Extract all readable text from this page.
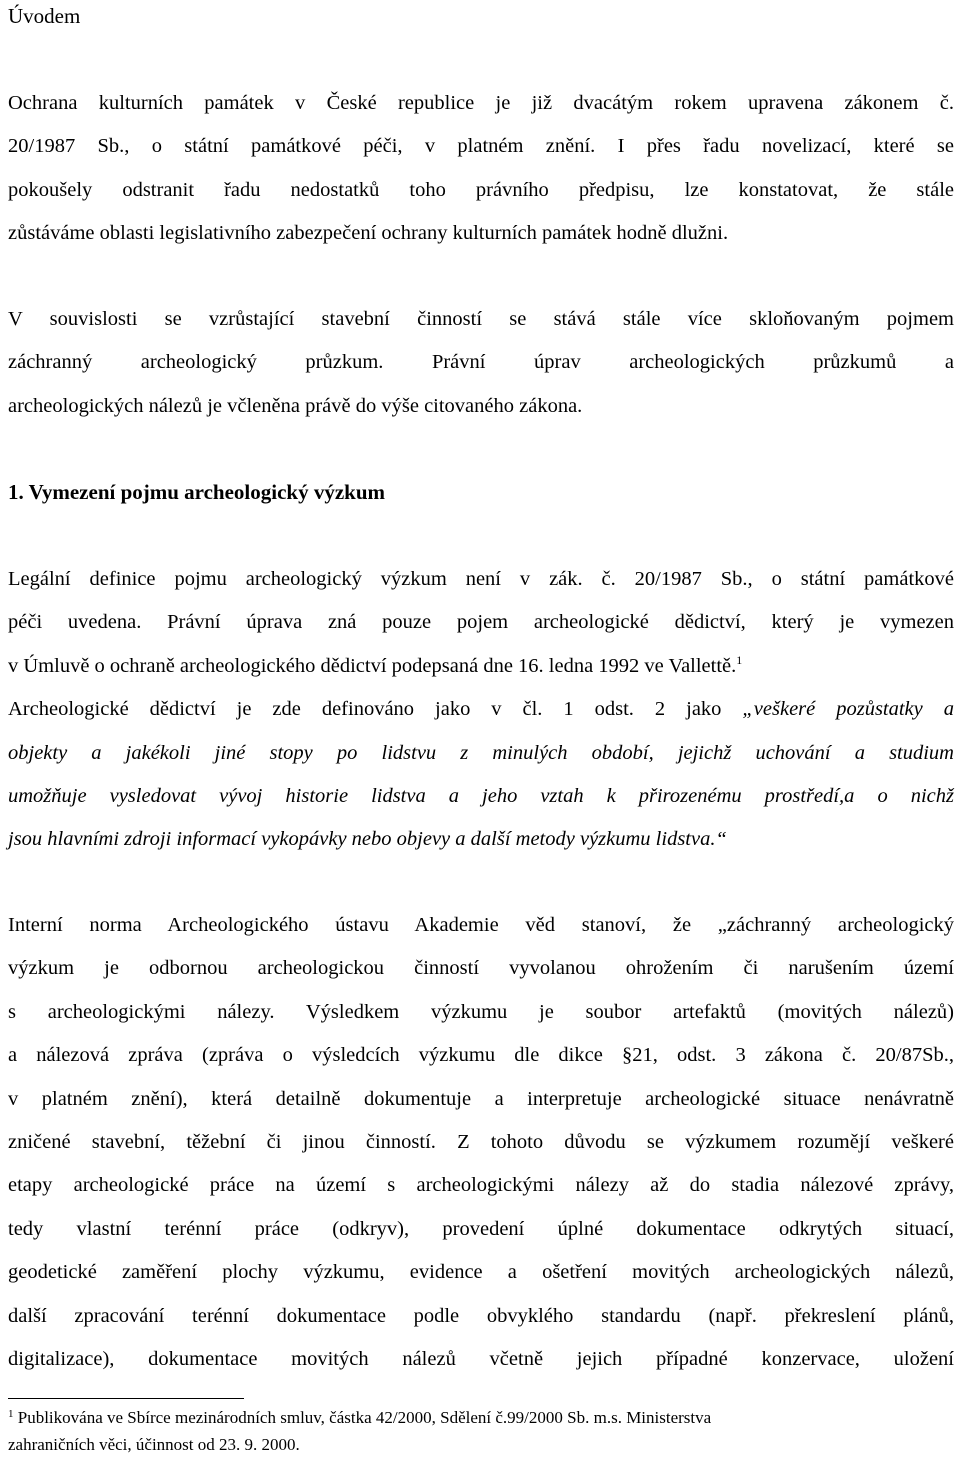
Úvodem
Ochrana kulturních památek v České republice je již dvacátým rokem upravena zákonem č.
20/1987 Sb., o státní památkové péči, v platném znění. I přes řadu novelizací, které se
pokoušely odstranit řadu nedostatků toho právního předpisu, lze konstatovat, že stále
zůstáváme oblasti legislativního zabezpečení ochrany kulturních památek hodně dlužni.
V souvislosti se vzrůstající stavební činností se stává stále více skloňovaným pojmem
záchranný archeologický průzkum. Právní úprav archeologických průzkumů a
archeologických nálezů je včleněna právě do výše citovaného zákona.
1. Vymezení pojmu archeologický výzkum
Legální definice pojmu archeologický výzkum není v zák. č. 20/1987 Sb., o státní památkové
péči uvedena. Právní úprava zná pouze pojem archeologické dědictví, který je vymezen
v Úmluvě o ochraně archeologického dědictví podepsaná dne 16. ledna 1992 ve Vallettě.$^1$
Archeologické dědictví je zde definováno jako v čl. 1 odst. 2 jako „veškeré pozůstatky a
objekty a jakékoli jiné stopy po lidstvu z minulých období, jejichž uchování a studium
umožňuje vysledovat vývoj historie lidstva a jeho vztah k přirozenému prostředí,a o nichž
jsou hlavními zdroji informací vykopávky nebo objevy a další metody výzkumu lidstva.“
Interní norma Archeologického ústavu Akademie věd stanoví, že „záchranný archeologický
výzkum je odbornou archeologickou činností vyvolanou ohrožením či narušením území
s archeologickými nálezy. Výsledkem výzkumu je soubor artefaktů (movitých nálezů)
a nálezová zpráva (zpráva o výsledcích výzkumu dle dikce §21, odst. 3 zákona č. 20/87Sb.,
v platném znění), která detailně dokumentuje a interpretuje archeologické situace nenávratně
zničené stavební, těžební či jinou činností. Z tohoto důvodu se výzkumem rozumějí veškeré
etapy archeologické práce na území s archeologickými nálezy až do stadia nálezové zprávy,
tedy vlastní terénní práce (odkryv), provedení úplné dokumentace odkrytých situací,
geodetické zaměření plochy výzkumu, evidence a ošetření movitých archeologických nálezů,
další zpracování terénní dokumentace podle obvyklého standardu (např. překreslení plánů,
digitalizace), dokumentace movitých nálezů včetně jejich případné konzervace, uložení
$^1$ Publikována ve Sbírce mezinárodních smluv, částka 42/2000, Sdělení č.99/2000 Sb. m.s. Ministerstva
zahraničních věci, účinnost od 23. 9. 2000.
